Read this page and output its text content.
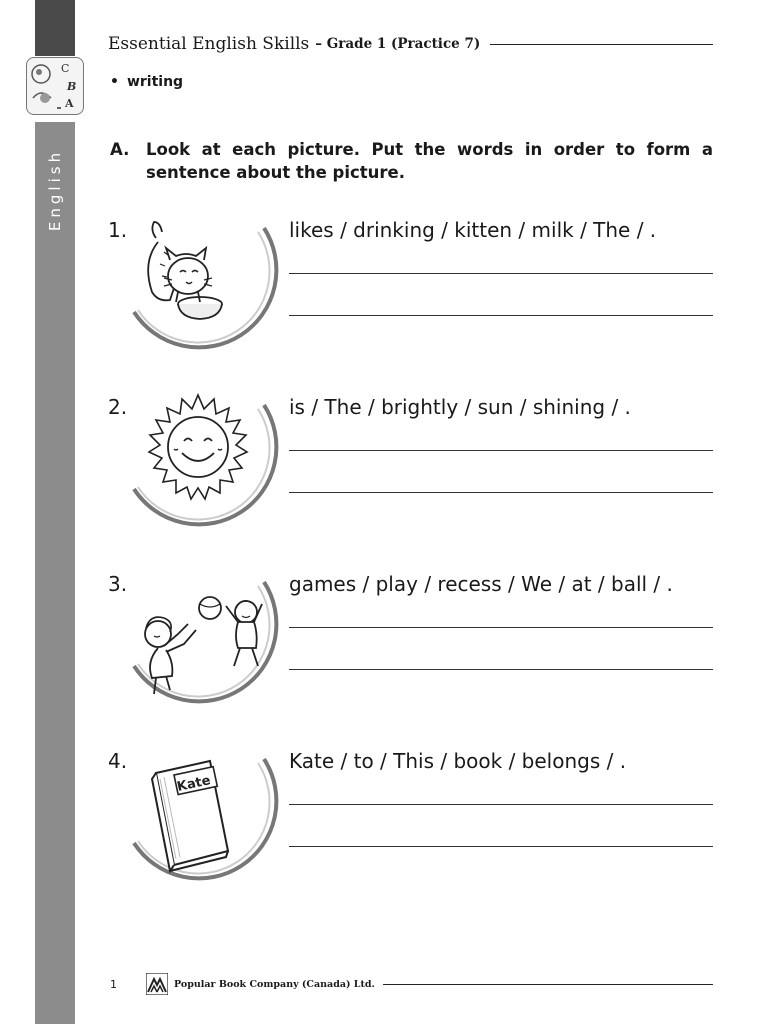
C
B
A
English
Essential English Skills – Grade 1 (Practice 7)
• writing
A. Look at each picture. Put the words in order to form a sentence about the picture.
1.	likes / drinking / kitten / milk / The / .
2.	is / The / brightly / sun / shining / .
3.	games / play / recess / We / at / ball / .
4.
Kate
Kate / to / This / book / belongs / .
1	Popular Book Company (Canada) Ltd.
